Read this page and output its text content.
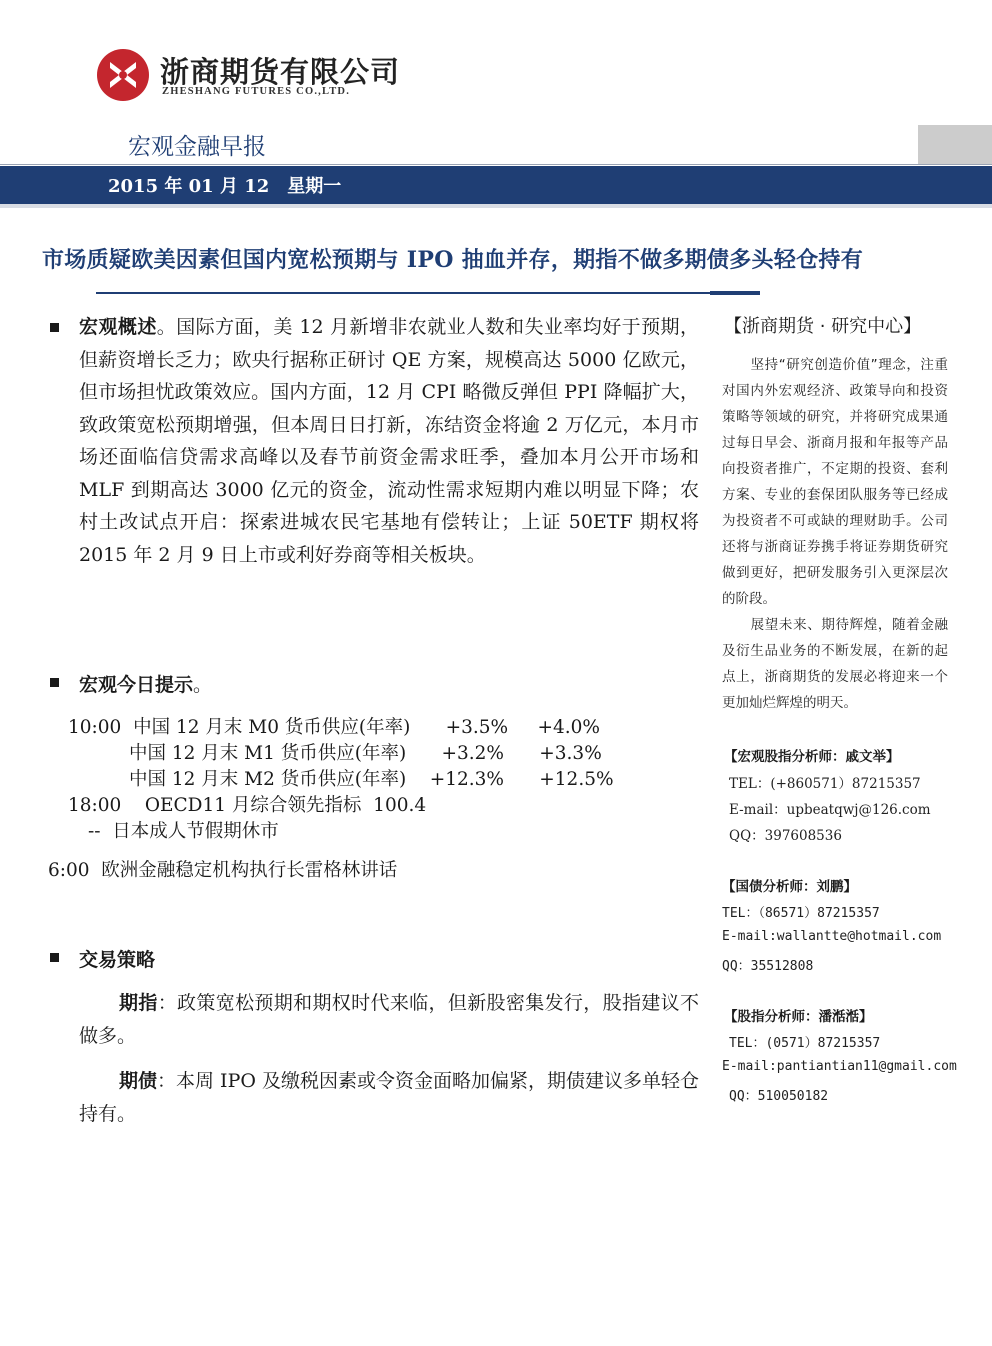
浙商期货有限公司
ZHESHANG FUTURES CO.,LTD.
宏观金融早报
2015 年 01 月 12　星期一
市场质疑欧美因素但国内宽松预期与 IPO 抽血并存，期指不做多期债多头轻仓持有
宏观概述。国际方面，美 12 月新增非农就业人数和失业率均好于预期，但薪资增长乏力；欧央行据称正研讨 QE 方案，规模高达 5000 亿欧元，但市场担忧政策效应。国内方面，12 月 CPI 略微反弹但 PPI 降幅扩大，致政策宽松预期增强，但本周日日打新，冻结资金将逾 2 万亿元，本月市场还面临信贷需求高峰以及春节前资金需求旺季，叠加本月公开市场和 MLF 到期高达 3000 亿元的资金，流动性需求短期内难以明显下降；农村土改试点开启：探索进城农民宅基地有偿转让；上证 50ETF 期权将 2015 年 2 月 9 日上市或利好券商等相关板块。
宏观今日提示。
10:00  中国 12 月末 M0 货币供应(年率)      +3.5%     +4.0%
中国 12 月末 M1 货币供应(年率)      +3.2%      +3.3%
中国 12 月末 M2 货币供应(年率)    +12.3%      +12.5%
18:00    OECD11 月综合领先指标  100.4
--  日本成人节假期休市
6:00  欧洲金融稳定机构执行长雷格林讲话
交易策略
期指：政策宽松预期和期权时代来临，但新股密集发行，股指建议不做多。
期债：本周 IPO 及缴税因素或令资金面略加偏紧，期债建议多单轻仓持有。
【浙商期货 · 研究中心】
坚持“研究创造价值”理念，注重对国内外宏观经济、政策导向和投资策略等领域的研究，并将研究成果通过每日早会、浙商月报和年报等产品向投资者推广，不定期的投资、套利方案、专业的套保团队服务等已经成为投资者不可或缺的理财助手。公司还将与浙商证券携手将证券期货研究做到更好，把研发服务引入更深层次的阶段。
展望未来、期待辉煌，随着金融及衍生品业务的不断发展，在新的起点上，浙商期货的发展必将迎来一个更加灿烂辉煌的明天。
【宏观股指分析师：戚文举】
TEL：(+860571）87215357
E-mail：upbeatqwj@126.com
QQ：397608536
【国债分析师：刘鹏】
TEL：（86571）87215357
E-mail:wallantte@hotmail.com
QQ：35512808
【股指分析师：潘湉湉】
TEL：(0571）87215357
E-mail:pantiantian11@gmail.com
QQ：510050182
